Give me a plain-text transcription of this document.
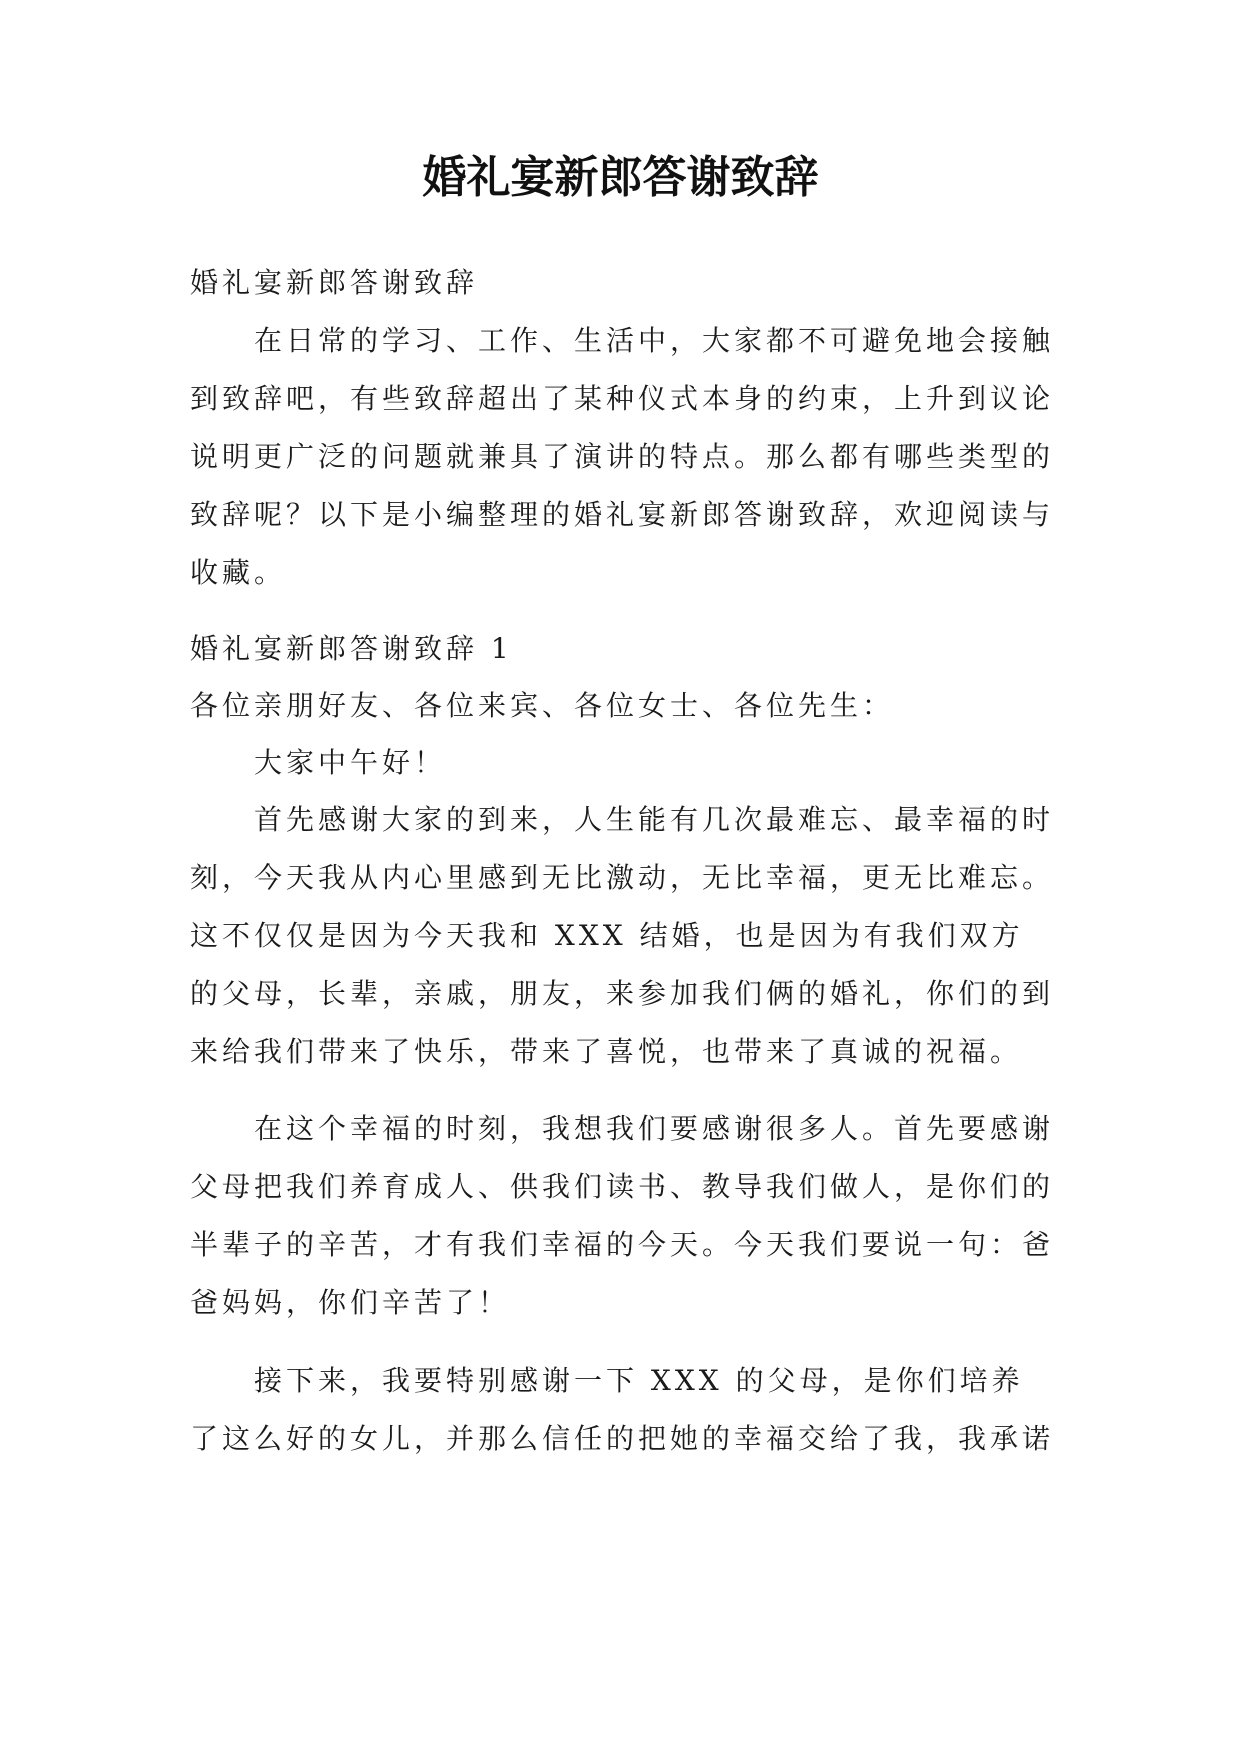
婚礼宴新郎答谢致辞

婚礼宴新郎答谢致辞

在日常的学习、工作、生活中，大家都不可避免地会接触到致辞吧，有些致辞超出了某种仪式本身的约束，上升到议论说明更广泛的问题就兼具了演讲的特点。那么都有哪些类型的致辞呢？以下是小编整理的婚礼宴新郎答谢致辞，欢迎阅读与收藏。

婚礼宴新郎答谢致辞 1

各位亲朋好友、各位来宾、各位女士、各位先生：

大家中午好！

首先感谢大家的到来，人生能有几次最难忘、最幸福的时刻，今天我从内心里感到无比激动，无比幸福，更无比难忘。这不仅仅是因为今天我和 XXX 结婚，也是因为有我们双方的父母，长辈，亲戚，朋友，来参加我们俩的婚礼，你们的到来给我们带来了快乐，带来了喜悦，也带来了真诚的祝福。

在这个幸福的时刻，我想我们要感谢很多人。首先要感谢父母把我们养育成人、供我们读书、教导我们做人，是你们的半辈子的辛苦，才有我们幸福的今天。今天我们要说一句：爸爸妈妈，你们辛苦了！

接下来，我要特别感谢一下 XXX 的父母，是你们培养了这么好的女儿，并那么信任的把她的幸福交给了我，我承诺
